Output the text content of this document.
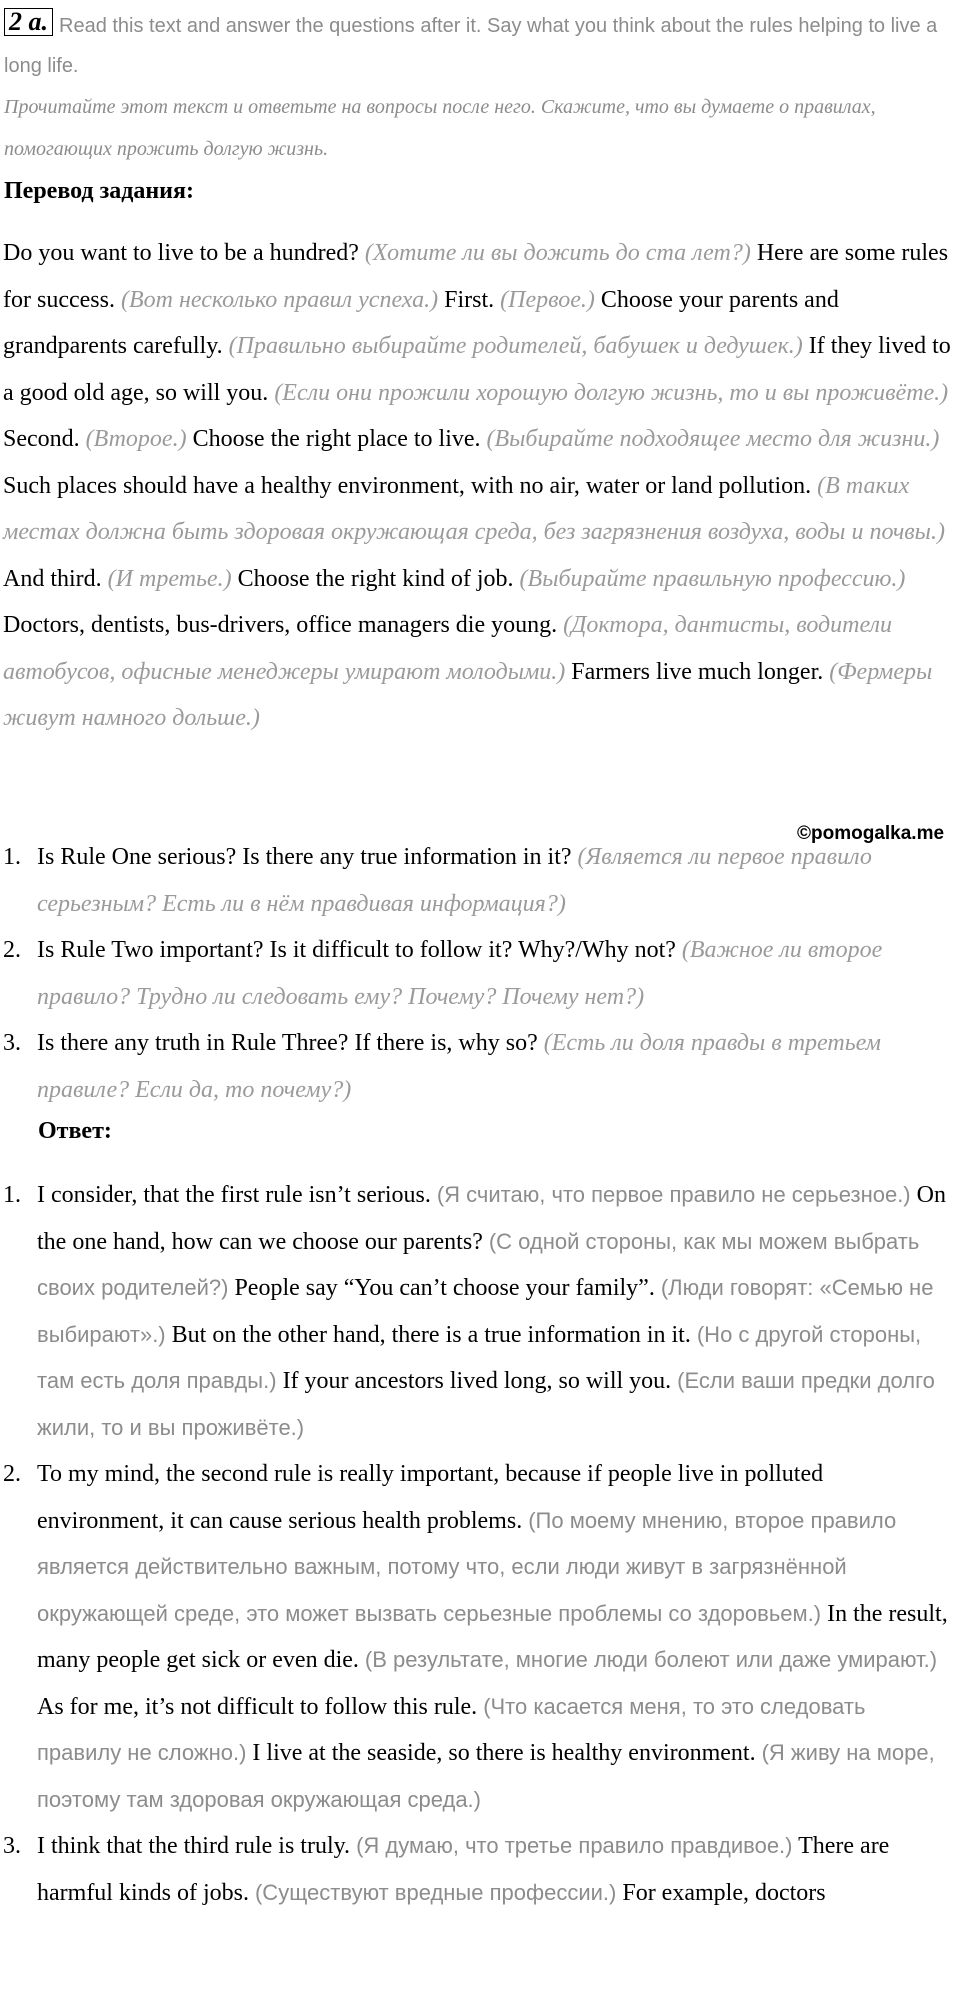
2 a. Read this text and answer the questions after it. Say what you think about the rules helping to live a long life.
Прочитайте этот текст и ответьте на вопросы после него. Скажите, что вы думаете о правилах, помогающих прожить долгую жизнь.
Перевод задания:
Do you want to live to be a hundred? (Хотите ли вы дожить до ста лет?) Here are some rules for success. (Вот несколько правил успеха.) First. (Первое.) Choose your parents and grandparents carefully. (Правильно выбирайте родителей, бабушек и дедушек.) If they lived to a good old age, so will you. (Если они прожили хорошую долгую жизнь, то и вы проживёте.) Second. (Второе.) Choose the right place to live. (Выбирайте подходящее место для жизни.) Such places should have a healthy environment, with no air, water or land pollution. (В таких местах должна быть здоровая окружающая среда, без загрязнения воздуха, воды и почвы.) And third. (И третье.) Choose the right kind of job. (Выбирайте правильную профессию.) Doctors, dentists, bus-drivers, office managers die young. (Доктора, дантисты, водители автобусов, офисные менеджеры умирают молодыми.) Farmers live much longer. (Фермеры живут намного дольше.)
1. Is Rule One serious? Is there any true information in it? (Является ли первое правило серьезным? Есть ли в нём правдивая информация?)
2. Is Rule Two important? Is it difficult to follow it? Why?/Why not? (Важное ли второе правило? Трудно ли следовать ему? Почему? Почему нет?)
3. Is there any truth in Rule Three? If there is, why so? (Есть ли доля правды в третьем правиле? Если да, то почему?)
©pomogalka.me
Ответ:
1. I consider, that the first rule isn’t serious. (Я считаю, что первое правило не серьезное.) On the one hand, how can we choose our parents? (С одной стороны, как мы можем выбрать своих родителей?) People say “You can’t choose your family”. (Люди говорят: «Семью не выбирают».) But on the other hand, there is a true information in it. (Но с другой стороны, там есть доля правды.) If your ancestors lived long, so will you. (Если ваши предки долго жили, то и вы проживёте.)
2. To my mind, the second rule is really important, because if people live in polluted environment, it can cause serious health problems. (По моему мнению, второе правило является действительно важным, потому что, если люди живут в загрязнённой окружающей среде, это может вызвать серьезные проблемы со здоровьем.) In the result, many people get sick or even die. (В результате, многие люди болеют или даже умирают.) As for me, it’s not difficult to follow this rule. (Что касается меня, то это следовать правилу не сложно.) I live at the seaside, so there is healthy environment. (Я живу на море, поэтому там здоровая окружающая среда.)
3. I think that the third rule is truly. (Я думаю, что третье правило правдивое.) There are harmful kinds of jobs. (Существуют вредные профессии.) For example, doctors
